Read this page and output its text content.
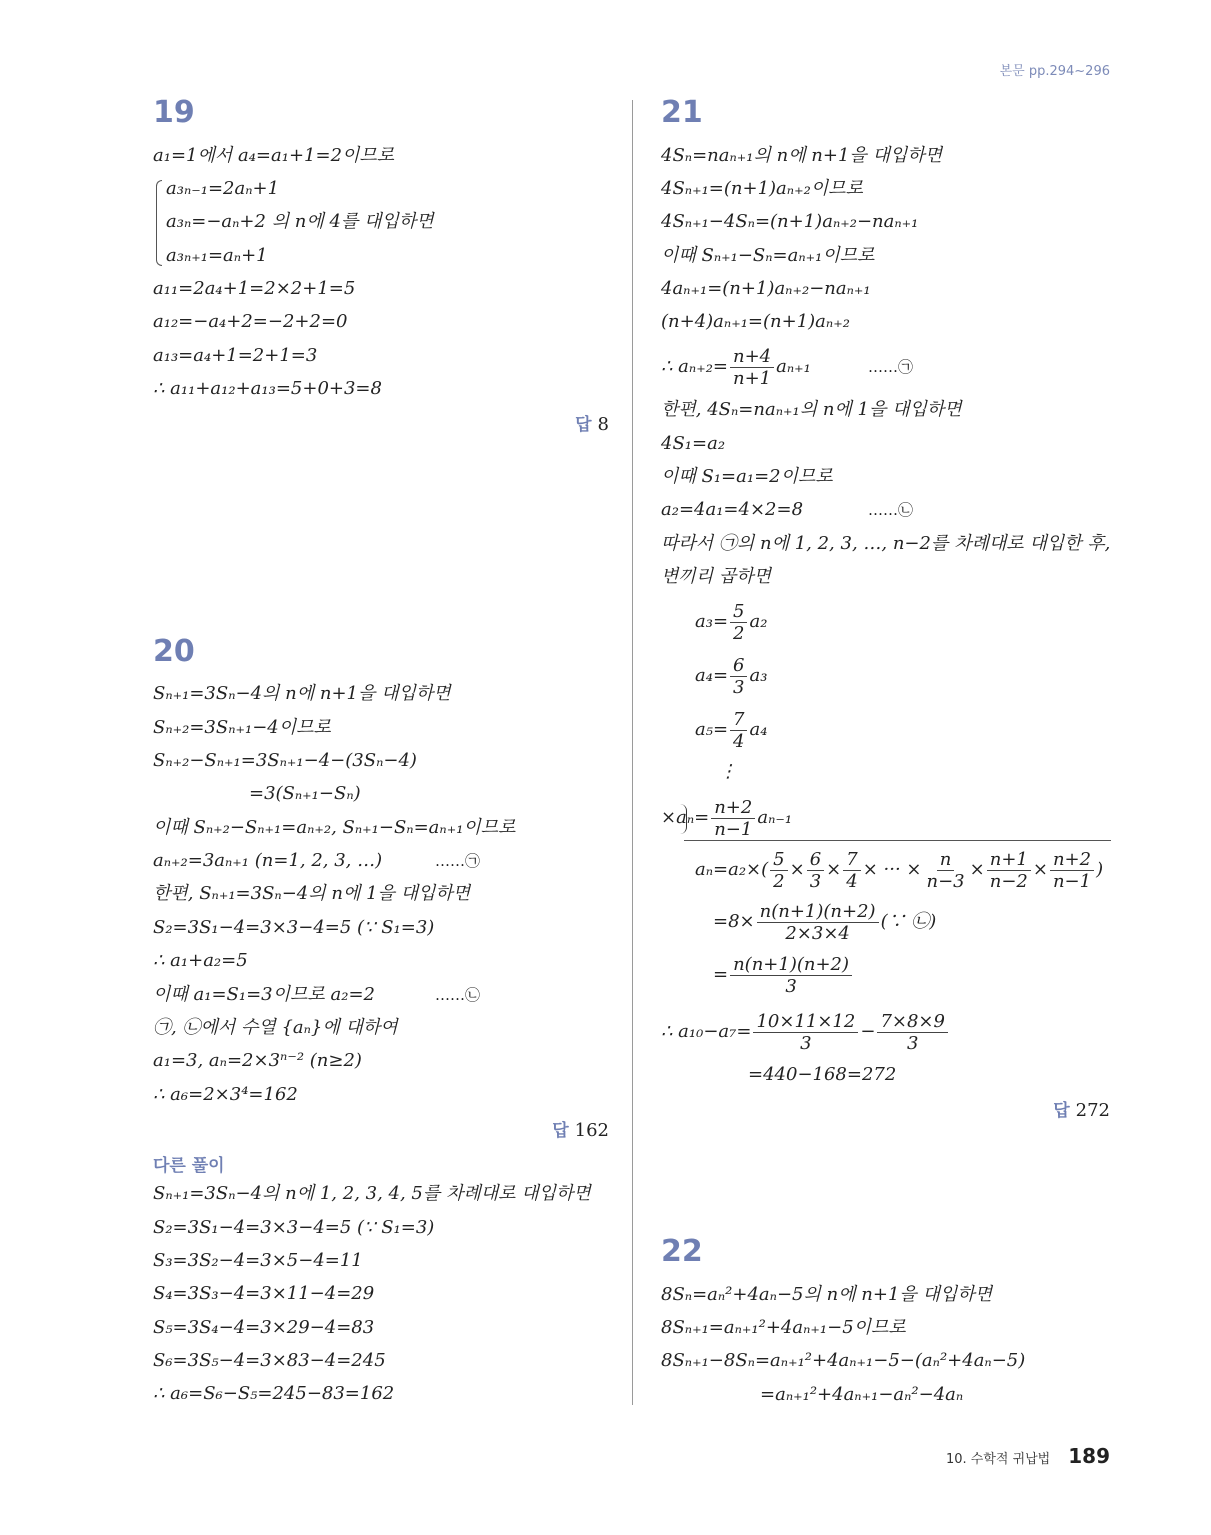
본문 pp.294~296
19
a₁=1에서 a₄=a₁+1=2이므로
a₃ₙ₋₁=2aₙ+1
a₃ₙ=−aₙ+2 의 n에 4를 대입하면
a₃ₙ₊₁=aₙ+1
a₁₁=2a₄+1=2×2+1=5
a₁₂=−a₄+2=−2+2=0
a₁₃=a₄+1=2+1=3
∴ a₁₁+a₁₂+a₁₃=5+0+3=8
답 8
20
Sₙ₊₁=3Sₙ−4의 n에 n+1을 대입하면
Sₙ₊₂=3Sₙ₊₁−4이므로
Sₙ₊₂−Sₙ₊₁=3Sₙ₊₁−4−(3Sₙ−4)
=3(Sₙ₊₁−Sₙ)
이때 Sₙ₊₂−Sₙ₊₁=aₙ₊₂, Sₙ₊₁−Sₙ=aₙ₊₁이므로
aₙ₊₂=3aₙ₊₁ (n=1, 2, 3, …)	……㉠
한편, Sₙ₊₁=3Sₙ−4의 n에 1을 대입하면
S₂=3S₁−4=3×3−4=5 (∵ S₁=3)
∴ a₁+a₂=5
이때 a₁=S₁=3이므로 a₂=2	……㉡
㉠, ㉡에서 수열 {aₙ}에 대하여
a₁=3, aₙ=2×3ⁿ⁻² (n≥2)
∴ a₆=2×3⁴=162
답 162
다른 풀이
Sₙ₊₁=3Sₙ−4의 n에 1, 2, 3, 4, 5를 차례대로 대입하면
S₂=3S₁−4=3×3−4=5 (∵ S₁=3)
S₃=3S₂−4=3×5−4=11
S₄=3S₃−4=3×11−4=29
S₅=3S₄−4=3×29−4=83
S₆=3S₅−4=3×83−4=245
∴ a₆=S₆−S₅=245−83=162
21
4Sₙ=naₙ₊₁의 n에 n+1을 대입하면
4Sₙ₊₁=(n+1)aₙ₊₂이므로
4Sₙ₊₁−4Sₙ=(n+1)aₙ₊₂−naₙ₊₁
이때 Sₙ₊₁−Sₙ=aₙ₊₁이므로
4aₙ₊₁=(n+1)aₙ₊₂−naₙ₊₁
(n+4)aₙ₊₁=(n+1)aₙ₊₂
∴ $a_{n+2}= \frac{n+4}{n+1} a_{n+1}$	……㉠
한편, 4Sₙ=naₙ₊₁의 n에 1을 대입하면
4S₁=a₂
이때 S₁=a₁=2이므로
a₂=4a₁=4×2=8	……㉡
따라서 ㉠의 n에 1, 2, 3, …, n−2를 차례대로 대입한 후,
변끼리 곱하면
$a_3= \frac{5}{2} a_2$
$a_4= \frac{6}{3} a_3$
$a_5= \frac{7}{4} a_4$
⋮
× $a_n= \frac{n+2}{n-1} a_{n-1}$
$a_n=a_2\times( \frac{5}{2} \times \frac{6}{3} \times \frac{7}{4}$ × ··· × $\frac{n}{n-3} \times \frac{n+1}{n-2} \times \frac{n+2}{n-1}$ )
$=8\times \frac{n(n+1)(n+2)}{2\times 3\times 4}$ (∵ ㉡)
= $\frac{n(n+1)(n+2)}{3}$
∴ $a_{10}-a_7= \frac{10\times 11\times 12}{3} - \frac{7\times 8\times 9}{3}$
=440−168=272
답 272
22
8Sₙ=aₙ²+4aₙ−5의 n에 n+1을 대입하면
8Sₙ₊₁=aₙ₊₁²+4aₙ₊₁−5이므로
8Sₙ₊₁−8Sₙ=aₙ₊₁²+4aₙ₊₁−5−(aₙ²+4aₙ−5)
=aₙ₊₁²+4aₙ₊₁−aₙ²−4aₙ
10. 수학적 귀납법 189
